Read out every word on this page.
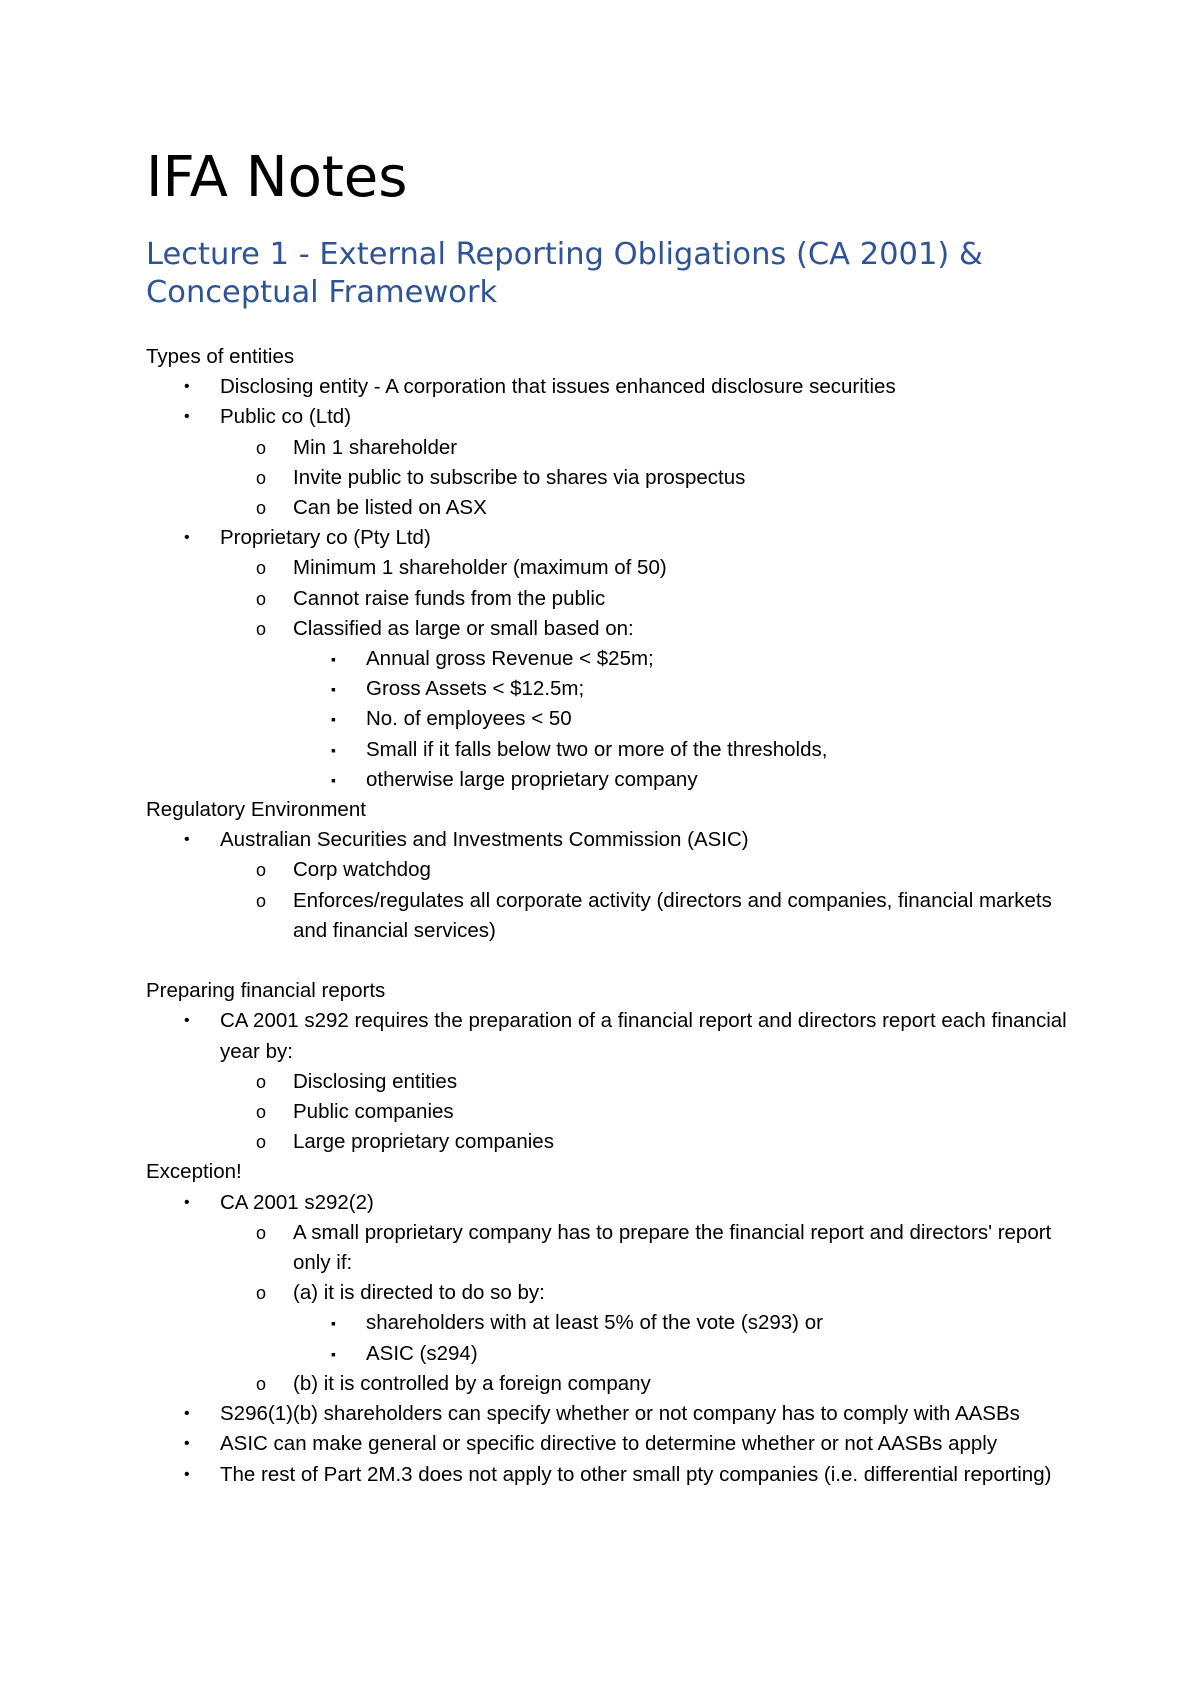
IFA Notes
Lecture 1 - External Reporting Obligations (CA 2001) & Conceptual Framework
Types of entities
• Disclosing entity - A corporation that issues enhanced disclosure securities
• Public co (Ltd)
o Min 1 shareholder
o Invite public to subscribe to shares via prospectus
o Can be listed on ASX
• Proprietary co (Pty Ltd)
o Minimum 1 shareholder (maximum of 50)
o Cannot raise funds from the public
o Classified as large or small based on:
▪ Annual gross Revenue < $25m;
▪ Gross Assets < $12.5m;
▪ No. of employees < 50
▪ Small if it falls below two or more of the thresholds,
▪ otherwise large proprietary company
Regulatory Environment
• Australian Securities and Investments Commission (ASIC)
o Corp watchdog
o Enforces/regulates all corporate activity (directors and companies, financial markets and financial services)
Preparing financial reports
• CA 2001 s292 requires the preparation of a financial report and directors report each financial year by:
o Disclosing entities
o Public companies
o Large proprietary companies
Exception!
• CA 2001 s292(2)
o A small proprietary company has to prepare the financial report and directors' report only if:
o (a) it is directed to do so by:
▪ shareholders with at least 5% of the vote (s293) or
▪ ASIC (s294)
o (b) it is controlled by a foreign company
• S296(1)(b) shareholders can specify whether or not company has to comply with AASBs
• ASIC can make general or specific directive to determine whether or not AASBs apply
• The rest of Part 2M.3 does not apply to other small pty companies (i.e. differential reporting)
